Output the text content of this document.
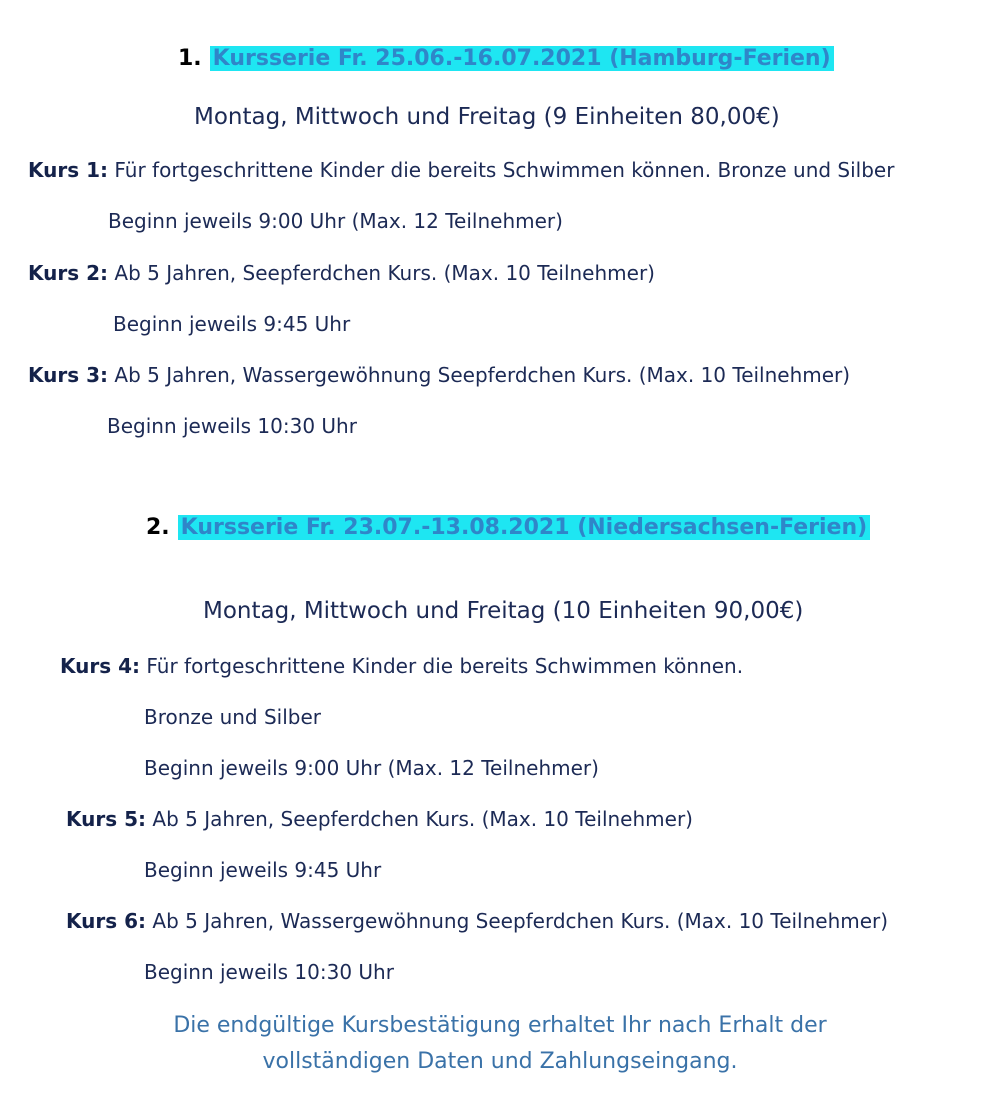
1. Kursserie Fr. 25.06.-16.07.2021 (Hamburg-Ferien)
Montag, Mittwoch und Freitag (9 Einheiten 80,00€)
Kurs 1: Für fortgeschrittene Kinder die bereits Schwimmen können. Bronze und Silber
Beginn jeweils 9:00 Uhr (Max. 12 Teilnehmer)
Kurs 2: Ab 5 Jahren, Seepferdchen Kurs. (Max. 10 Teilnehmer)
Beginn jeweils 9:45 Uhr
Kurs 3: Ab 5 Jahren, Wassergewöhnung Seepferdchen Kurs. (Max. 10 Teilnehmer)
Beginn jeweils 10:30 Uhr
2. Kursserie Fr. 23.07.-13.08.2021 (Niedersachsen-Ferien)
Montag, Mittwoch und Freitag (10 Einheiten 90,00€)
Kurs 4: Für fortgeschrittene Kinder die bereits Schwimmen können.
Bronze und Silber
Beginn jeweils 9:00 Uhr (Max. 12 Teilnehmer)
Kurs 5: Ab 5 Jahren, Seepferdchen Kurs. (Max. 10 Teilnehmer)
Beginn jeweils 9:45 Uhr
Kurs 6: Ab 5 Jahren, Wassergewöhnung Seepferdchen Kurs. (Max. 10 Teilnehmer)
Beginn jeweils 10:30 Uhr
Die endgültige Kursbestätigung erhaltet Ihr nach Erhalt der
vollständigen Daten und Zahlungseingang.
